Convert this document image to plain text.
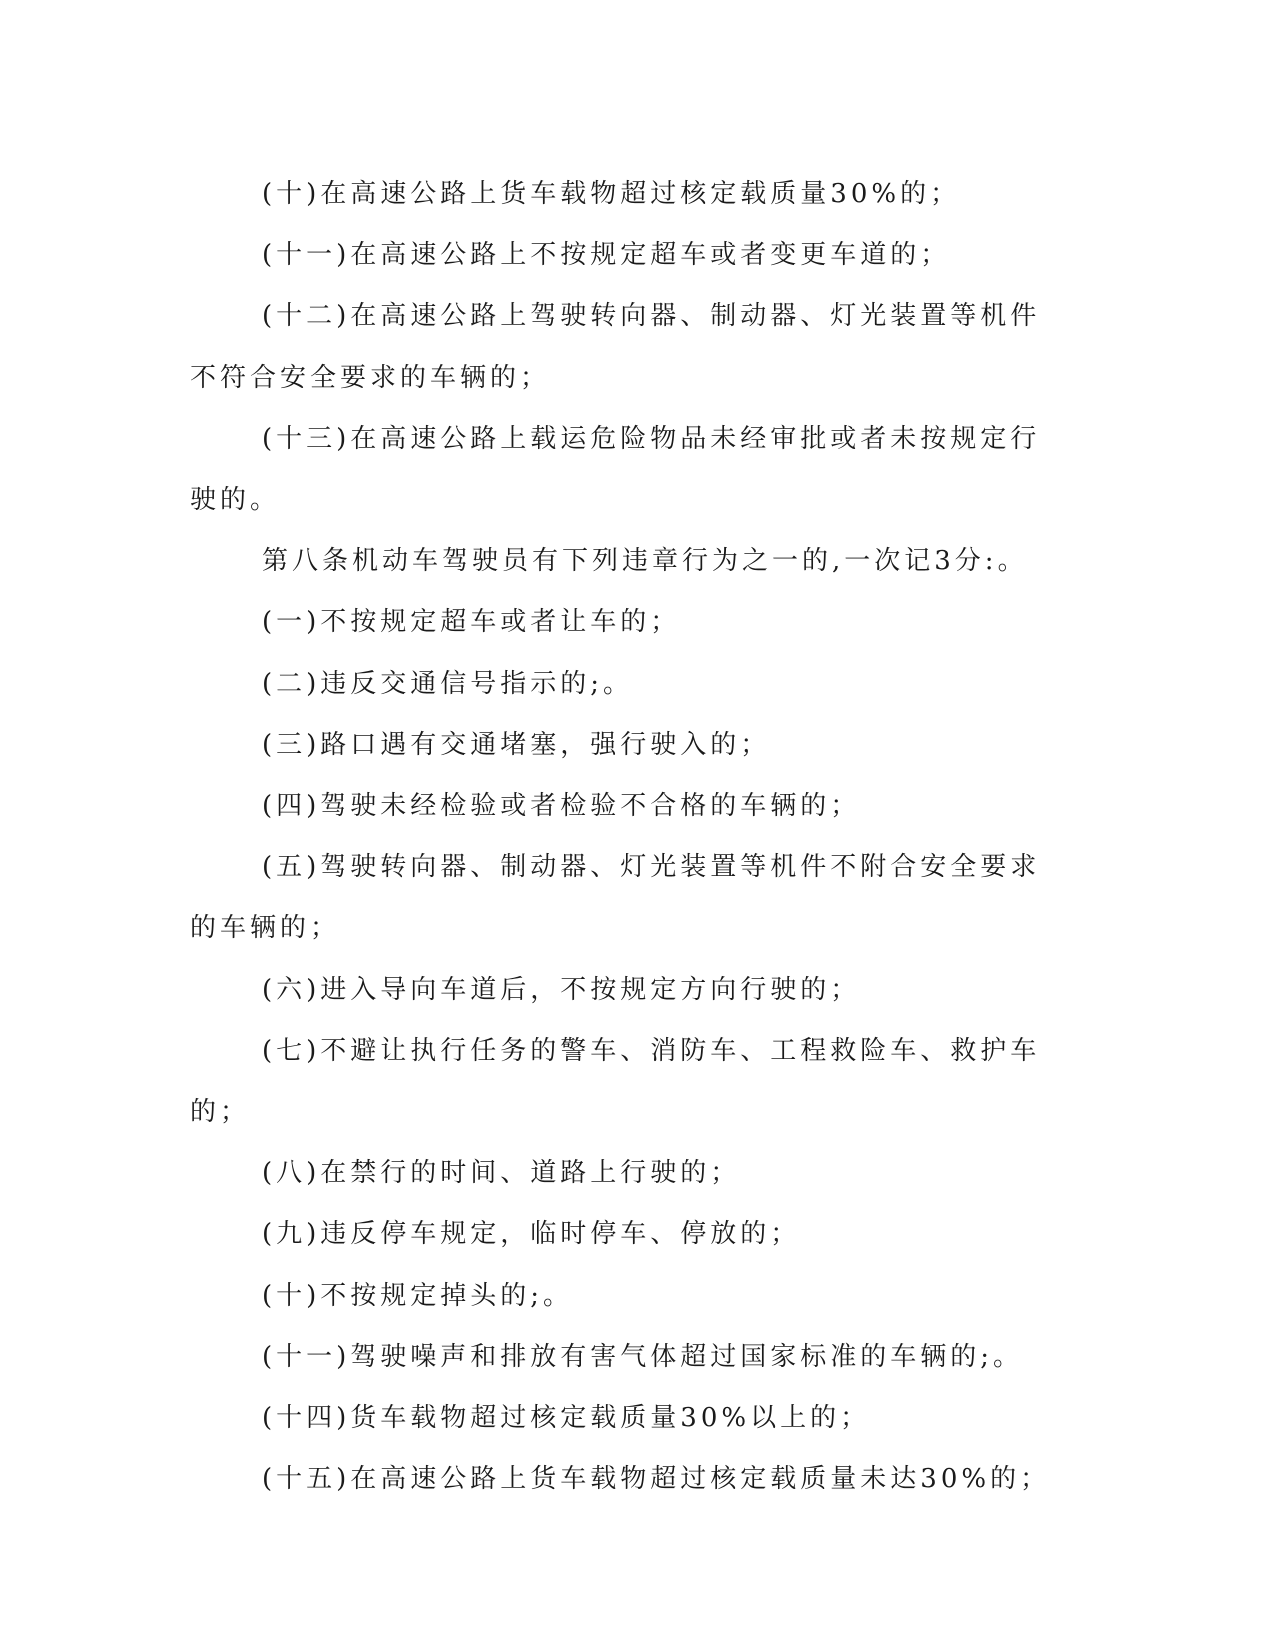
(十)在高速公路上货车载物超过核定载质量30%的；

(十一)在高速公路上不按规定超车或者变更车道的；

(十二)在高速公路上驾驶转向器、制动器、灯光装置等机件不符合安全要求的车辆的；

(十三)在高速公路上载运危险物品未经审批或者未按规定行驶的。

第八条机动车驾驶员有下列违章行为之一的,一次记3分:。

(一)不按规定超车或者让车的；

(二)违反交通信号指示的;。

(三)路口遇有交通堵塞，强行驶入的；

(四)驾驶未经检验或者检验不合格的车辆的；

(五)驾驶转向器、制动器、灯光装置等机件不附合安全要求的车辆的；

(六)进入导向车道后，不按规定方向行驶的；

(七)不避让执行任务的警车、消防车、工程救险车、救护车的；

(八)在禁行的时间、道路上行驶的；

(九)违反停车规定，临时停车、停放的；

(十)不按规定掉头的;。

(十一)驾驶噪声和排放有害气体超过国家标准的车辆的;。

(十四)货车载物超过核定载质量30%以上的；

(十五)在高速公路上货车载物超过核定载质量未达30%的；
